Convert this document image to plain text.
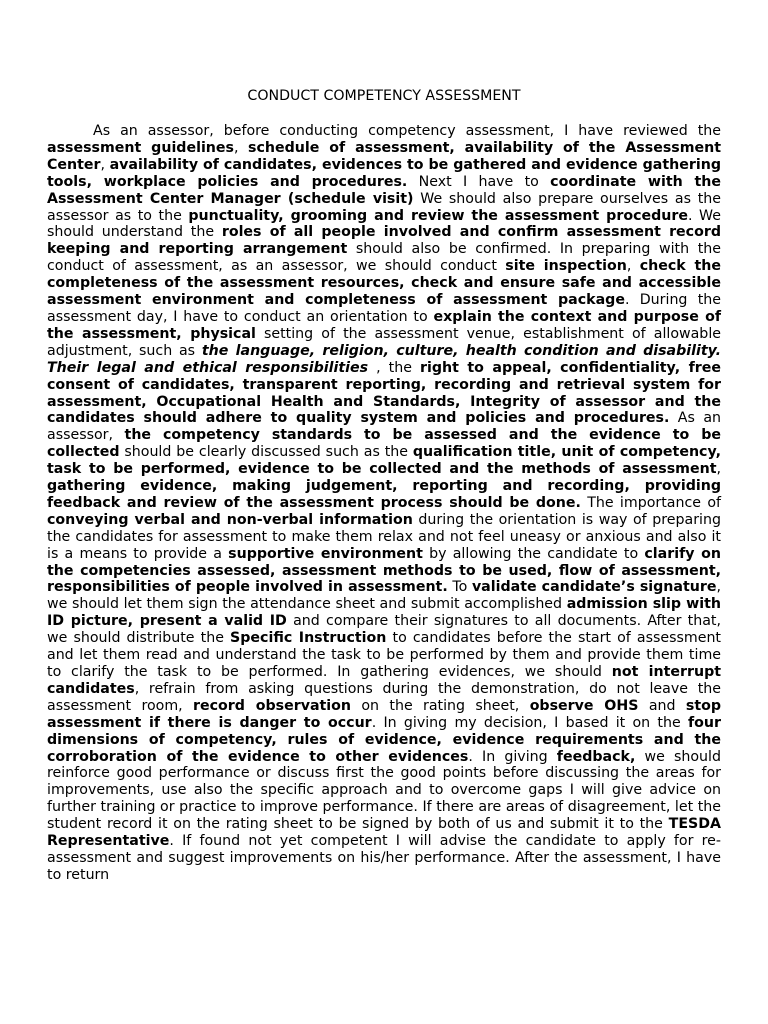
CONDUCT COMPETENCY ASSESSMENT

As an assessor, before conducting competency assessment, I have reviewed the assessment guidelines, schedule of assessment, availability of the Assessment Center, availability of candidates, evidences to be gathered and evidence gathering tools, workplace policies and procedures. Next I have to coordinate with the Assessment Center Manager (schedule visit) We should also prepare ourselves as the assessor as to the punctuality, grooming and review the assessment procedure. We should understand the roles of all people involved and confirm assessment record keeping and reporting arrangement should also be confirmed. In preparing with the conduct of assessment, as an assessor, we should conduct site inspection, check the completeness of the assessment resources, check and ensure safe and accessible assessment environment and completeness of assessment package. During the assessment day, I have to conduct an orientation to explain the context and purpose of the assessment, physical setting of the assessment venue, establishment of allowable adjustment, such as the language, religion, culture, health condition and disability. Their legal and ethical responsibilities , the right to appeal, confidentiality, free consent of candidates, transparent reporting, recording and retrieval system for assessment, Occupational Health and Standards, Integrity of assessor and the candidates should adhere to quality system and policies and procedures. As an assessor, the competency standards to be assessed and the evidence to be collected should be clearly discussed such as the qualification title, unit of competency, task to be performed, evidence to be collected and the methods of assessment, gathering evidence, making judgement, reporting and recording, providing feedback and review of the assessment process should be done. The importance of conveying verbal and non-verbal information during the orientation is way of preparing the candidates for assessment to make them relax and not feel uneasy or anxious and also it is a means to provide a supportive environment by allowing the candidate to clarify on the competencies assessed, assessment methods to be used, flow of assessment, responsibilities of people involved in assessment. To validate candidate’s signature, we should let them sign the attendance sheet and submit accomplished admission slip with ID picture, present a valid ID and compare their signatures to all documents. After that, we should distribute the Specific Instruction to candidates before the start of assessment and let them read and understand the task to be performed by them and provide them time to clarify the task to be performed. In gathering evidences, we should not interrupt candidates, refrain from asking questions during the demonstration, do not leave the assessment room, record observation on the rating sheet, observe OHS and stop assessment if there is danger to occur. In giving my decision, I based it on the four dimensions of competency, rules of evidence, evidence requirements and the corroboration of the evidence to other evidences. In giving feedback, we should reinforce good performance or discuss first the good points before discussing the areas for improvements, use also the specific approach and to overcome gaps I will give advice on further training or practice to improve performance. If there are areas of disagreement, let the student record it on the rating sheet to be signed by both of us and submit it to the TESDA Representative. If found not yet competent I will advise the candidate to apply for re-assessment and suggest improvements on his/her performance. After the assessment, I have to return
